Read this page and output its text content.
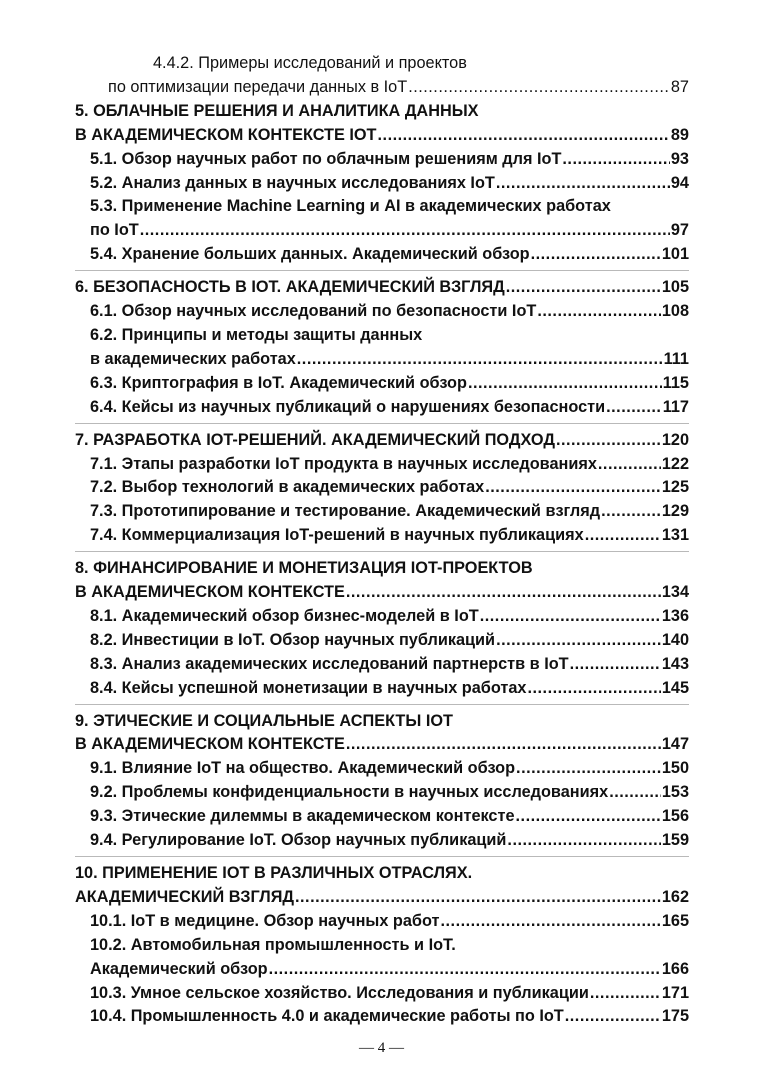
4.4.2. Примеры исследований и проектов
по оптимизации передачи данных в IoT .....	87
5. ОБЛАЧНЫЕ РЕШЕНИЯ И АНАЛИТИКА ДАННЫХ
В АКАДЕМИЧЕСКОМ КОНТЕКСТЕ IOT .....	89
5.1. Обзор научных работ по облачным решениям для IoT .....	93
5.2. Анализ данных в научных исследованиях IoT .....	94
5.3. Применение Machine Learning и AI в академических работах
по IoT .....	97
5.4. Хранение больших данных. Академический обзор .....	101
6. БЕЗОПАСНОСТЬ В IOT. АКАДЕМИЧЕСКИЙ ВЗГЛЯД .....	105
6.1. Обзор научных исследований по безопасности IoT .....	108
6.2. Принципы и методы защиты данных
в академических работах .....	111
6.3. Криптография в IoT. Академический обзор .....	115
6.4. Кейсы из научных публикаций о нарушениях безопасности .....	117
7. РАЗРАБОТКА IOT-РЕШЕНИЙ. АКАДЕМИЧЕСКИЙ ПОДХОД .....	120
7.1. Этапы разработки IoT продукта в научных исследованиях .....	122
7.2. Выбор технологий в академических работах .....	125
7.3. Прототипирование и тестирование. Академический взгляд .....	129
7.4. Коммерциализация IoT-решений в научных публикациях .....	131
8. ФИНАНСИРОВАНИЕ И МОНЕТИЗАЦИЯ IOT-ПРОЕКТОВ
В АКАДЕМИЧЕСКОМ КОНТЕКСТЕ .....	134
8.1. Академический обзор бизнес-моделей в IoT .....	136
8.2. Инвестиции в IoT. Обзор научных публикаций .....	140
8.3. Анализ академических исследований партнерств в IoT .....	143
8.4. Кейсы успешной монетизации в научных работах .....	145
9. ЭТИЧЕСКИЕ И СОЦИАЛЬНЫЕ АСПЕКТЫ IOT
В АКАДЕМИЧЕСКОМ КОНТЕКСТЕ .....	147
9.1. Влияние IoT на общество. Академический обзор .....	150
9.2. Проблемы конфиденциальности в научных исследованиях .....	153
9.3. Этические дилеммы в академическом контексте .....	156
9.4. Регулирование IoT. Обзор научных публикаций .....	159
10. ПРИМЕНЕНИЕ IOT В РАЗЛИЧНЫХ ОТРАСЛЯХ.
АКАДЕМИЧЕСКИЙ ВЗГЛЯД .....	162
10.1. IoT в медицине. Обзор научных работ .....	165
10.2. Автомобильная промышленность и IoT.
Академический обзор .....	166
10.3. Умное сельское хозяйство. Исследования и публикации .....	171
10.4. Промышленность 4.0 и академические работы по IoT .....	175
— 4 —
